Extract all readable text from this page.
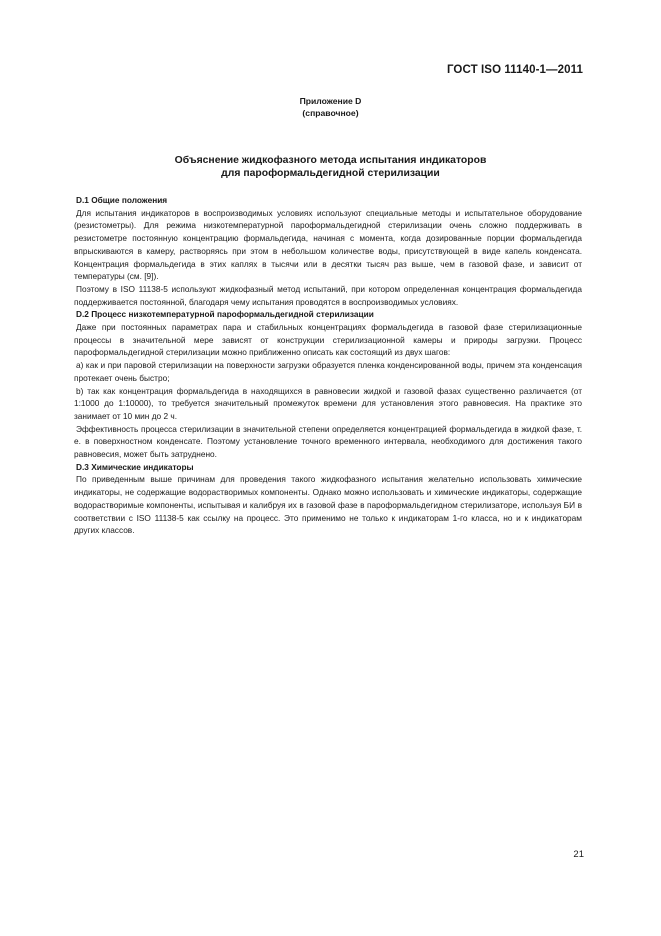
ГОСТ ISO 11140-1—2011
Приложение D
(справочное)
Объяснение жидкофазного метода испытания индикаторов
для пароформальдегидной стерилизации

D.1 Общие положения

Для испытания индикаторов в воспроизводимых условиях используют специальные методы и испытательное оборудование (резистометры). Для режима низкотемпературной пароформальдегидной стерилизации очень сложно поддерживать в резистометре постоянную концентрацию формальдегида, начиная с момента, когда дозированные порции формальдегида впрыскиваются в камеру, растворяясь при этом в небольшом количестве воды, присутствующей в виде капель конденсата. Концентрация формальдегида в этих каплях в тысячи или в десятки тысяч раз выше, чем в газовой фазе, и зависит от температуры (см. [9]).

Поэтому в ISO 11138-5 используют жидкофазный метод испытаний, при котором определенная концентрация формальдегида поддерживается постоянной, благодаря чему испытания проводятся в воспроизводимых условиях.

D.2 Процесс низкотемпературной пароформальдегидной стерилизации

Даже при постоянных параметрах пара и стабильных концентрациях формальдегида в газовой фазе стерилизационные процессы в значительной мере зависят от конструкции стерилизационной камеры и природы загрузки. Процесс пароформальдегидной стерилизации можно приближенно описать как состоящий из двух шагов:

a) как и при паровой стерилизации на поверхности загрузки образуется пленка конденсированной воды, причем эта конденсация протекает очень быстро;

b) так как концентрация формальдегида в находящихся в равновесии жидкой и газовой фазах существенно различается (от 1:1000 до 1:10000), то требуется значительный промежуток времени для установления этого равновесия. На практике это занимает от 10 мин до 2 ч.

Эффективность процесса стерилизации в значительной степени определяется концентрацией формальдегида в жидкой фазе, т. е. в поверхностном конденсате. Поэтому установление точного временного интервала, необходимого для достижения такого равновесия, может быть затруднено.

D.3 Химические индикаторы

По приведенным выше причинам для проведения такого жидкофазного испытания желательно использовать химические индикаторы, не содержащие водорастворимых компоненты. Однако можно использовать и химические индикаторы, содержащие водорастворимые компоненты, испытывая и калибруя их в газовой фазе в пароформальдегидном стерилизаторе, используя БИ в соответствии с ISO 11138-5 как ссылку на процесс. Это применимо не только к индикаторам 1-го класса, но и к индикаторам других классов.

21
